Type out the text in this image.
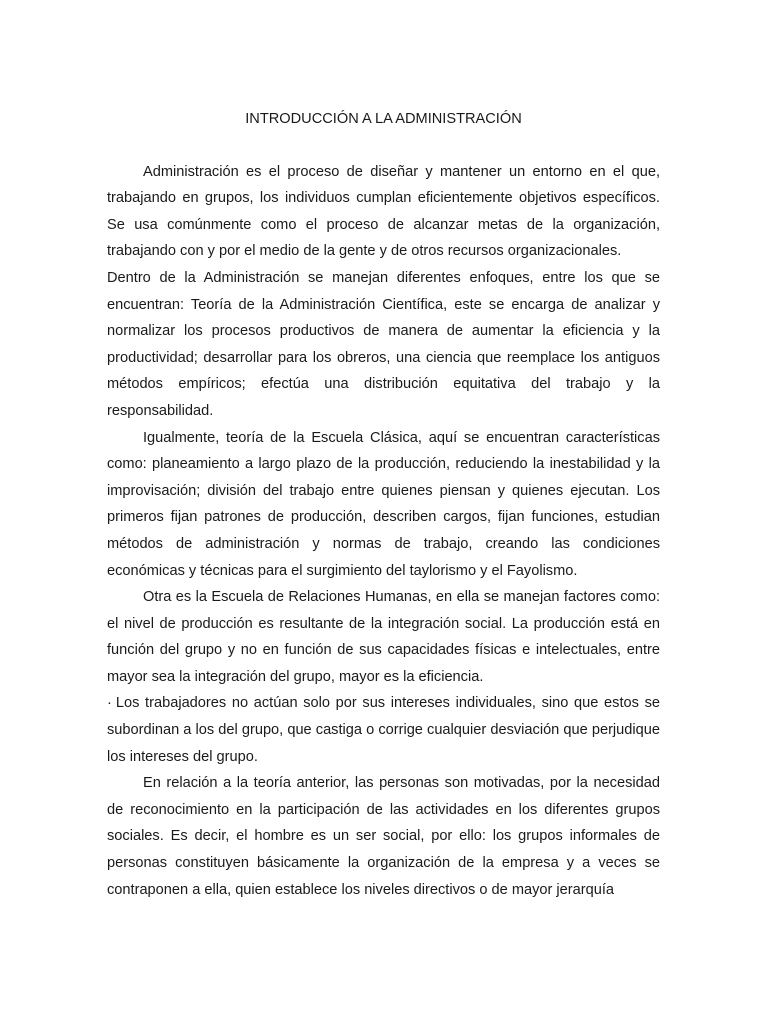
INTRODUCCIÓN A LA ADMINISTRACIÓN

Administración es el proceso de diseñar y mantener un entorno en el que, trabajando en grupos, los individuos cumplan eficientemente objetivos específicos. Se usa comúnmente como el proceso de alcanzar metas de la organización, trabajando con y por el medio de la gente y de otros recursos organizacionales.

Dentro de la Administración se manejan diferentes enfoques, entre los que se encuentran: Teoría de la Administración Científica, este se encarga de analizar y normalizar los procesos productivos de manera de aumentar la eficiencia y la productividad; desarrollar para los obreros, una ciencia que reemplace los antiguos métodos empíricos; efectúa una distribución equitativa del trabajo y la responsabilidad.

Igualmente, teoría de la Escuela Clásica, aquí se encuentran características como: planeamiento a largo plazo de la producción, reduciendo la inestabilidad y la improvisación; división del trabajo entre quienes piensan y quienes ejecutan. Los primeros fijan patrones de producción, describen cargos, fijan funciones, estudian métodos de administración y normas de trabajo, creando las condiciones económicas y técnicas para el surgimiento del taylorismo y el Fayolismo.

Otra es la Escuela de Relaciones Humanas, en ella se manejan factores como: el nivel de producción es resultante de la integración social. La producción está en función del grupo y no en función de sus capacidades físicas e intelectuales, entre mayor sea la integración del grupo, mayor es la eficiencia.

· Los trabajadores no actúan solo por sus intereses individuales, sino que estos se subordinan a los del grupo, que castiga o corrige cualquier desviación que perjudique los intereses del grupo.

En relación a la teoría anterior, las personas son motivadas, por la necesidad de reconocimiento en la participación de las actividades en los diferentes grupos sociales. Es decir, el hombre es un ser social, por ello: los grupos informales de personas constituyen básicamente la organización de la empresa y a veces se contraponen a ella, quien establece los niveles directivos o de mayor jerarquía
